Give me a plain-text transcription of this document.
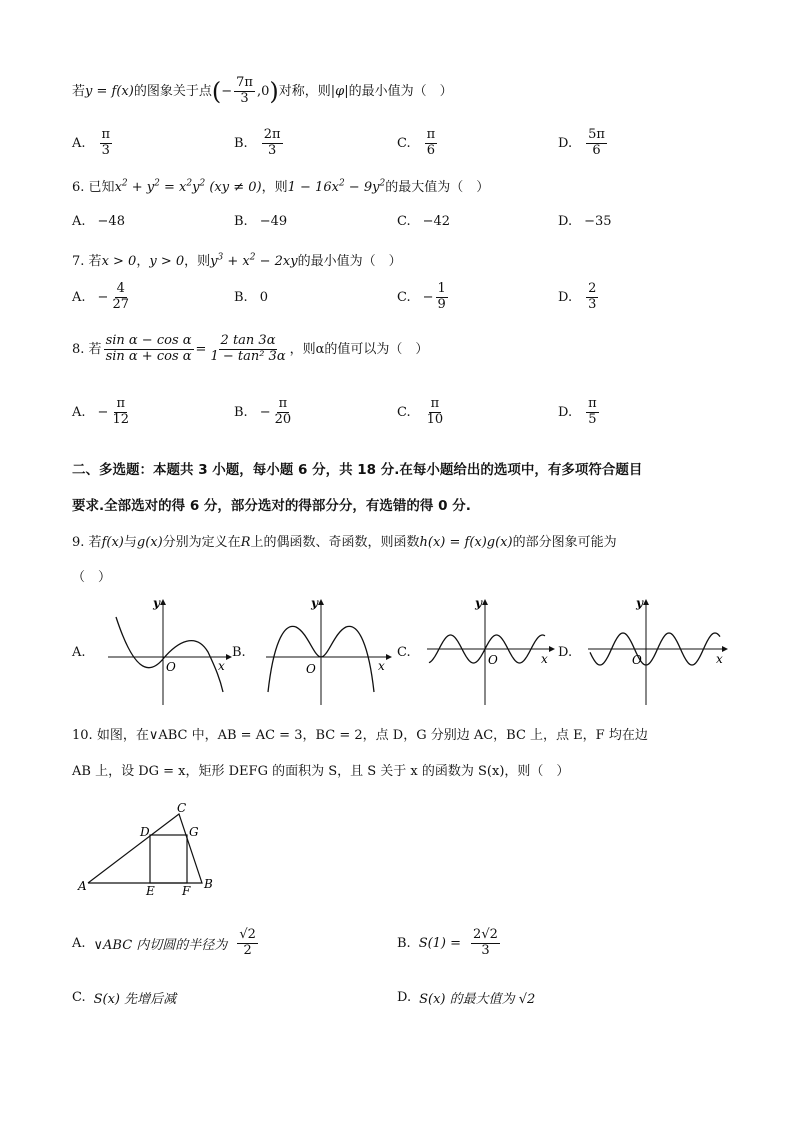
若y = f(x)的图象关于点(− $\frac{7\pi}{3} ,0$)对称，则|φ|的最小值为（　）
A. $\frac{\pi}{3}$	B. $\frac{2\pi}{3}$	C. $\frac{\pi}{6}$	D. $\frac{5\pi}{6}$
6. 已知$x^2 + y^2 = x^2y^2$ (xy ≠ 0)，则$1 - 16x^2 - 9y^2$的最大值为（　）
A. −48	B. −49	C. −42	D. −35
7. 若x > 0，y > 0，则$y^3 + x^2 - 2xy$的最小值为（　）
A. − $\frac{4}{27}$	B. 0	C. − $\frac{1}{9}$	D. $\frac{2}{3}$
8. 若 $\frac{\text{sin α − cos α}}{\text{sin α + cos α}} = \frac{2 \tan 3\alpha}{\text{1 − tan² 3α}}$ ，则α的值可以为（　）
A. − $\frac{\pi}{12}$	B. − $\frac{\pi}{20}$	C. $\frac{\pi}{10}$	D. $\frac{\pi}{5}$
二、多选题：本题共 3 小题，每小题 6 分，共 18 分.在每小题给出的选项中，有多项符合题目
要求.全部选对的得 6 分，部分选对的得部分分，有选错的得 0 分.
9. 若f(x)与g(x)分别为定义在R上的偶函数、奇函数，则函数h(x) = f(x)g(x)的部分图象可能为
（　）
A.
y
x
O
B.
y
x
O
C.
y
x
O
D.
y
x
O
10. 如图，在∨ABC 中，AB = AC = 3，BC = 2，点 D，G 分别边 AC，BC 上，点 E，F 均在边
AB 上，设 DG = x，矩形 DEFG 的面积为 S，且 S 关于 x 的函数为 S(x)，则（　）
A	B
C
D
E F
G
A. ∨ABC 内切圆的半径为 $\frac{√2}{2}$	B. $S(1) = \frac{2√2}{3}$
C. S(x) 先增后减	D. S(x) 的最大值为 √2
